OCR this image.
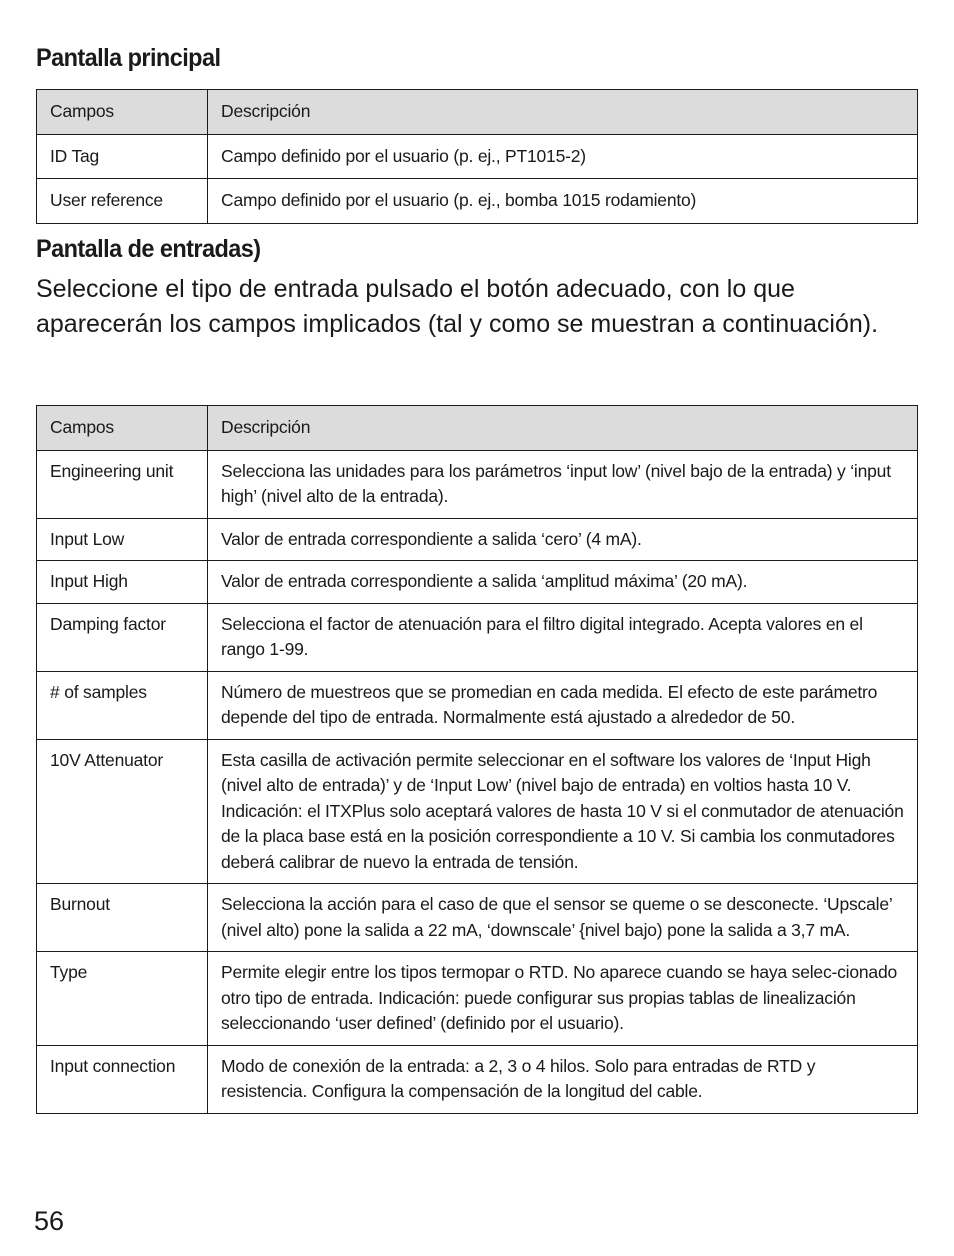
Pantalla principal
Campos	Descripción
ID Tag	Campo definido por el usuario (p. ej., PT1015-2)
User reference	Campo definido por el usuario (p. ej., bomba 1015 rodamiento)
Pantalla de entradas)

Seleccione el tipo de entrada pulsado el botón adecuado, con lo que aparecerán los campos implicados (tal y como se muestran a continuación).

Campos	Descripción
Engineering unit	Selecciona las unidades para los parámetros ‘input low’ (nivel bajo de la entrada) y ‘input high’ (nivel alto de la entrada).
Input Low	Valor de entrada correspondiente a salida ‘cero’ (4 mA).
Input High	Valor de entrada correspondiente a salida ‘amplitud máxima’ (20 mA).
Damping factor	Selecciona el factor de atenuación para el filtro digital integrado. Acepta valores en el rango 1-99.
# of samples	Número de muestreos que se promedian en cada medida. El efecto de este parámetro depende del tipo de entrada. Normalmente está ajustado a alrededor de 50.
10V Attenuator	Esta casilla de activación permite seleccionar en el software los valores de ‘Input High (nivel alto de entrada)’ y de ‘Input Low’ (nivel bajo de entrada) en voltios hasta 10 V.
Indicación: el ITXPlus solo aceptará valores de hasta 10 V si el conmutador de atenuación de la placa base está en la posición correspondiente a 10 V. Si cambia los conmutadores deberá calibrar de nuevo la entrada de tensión.
Burnout	Selecciona la acción para el caso de que el sensor se queme o se desconecte. ‘Upscale’ (nivel alto) pone la salida a 22 mA, ‘downscale’ {nivel bajo) pone la salida a 3,7 mA.
Type	Permite elegir entre los tipos termopar o RTD. No aparece cuando se haya selec-cionado otro tipo de entrada. Indicación: puede configurar sus propias tablas de linealización seleccionando ‘user defined’ (definido por el usuario).
Input connection	Modo de conexión de la entrada: a 2, 3 o 4 hilos. Solo para entradas de RTD y resistencia. Configura la compensación de la longitud del cable.
56
